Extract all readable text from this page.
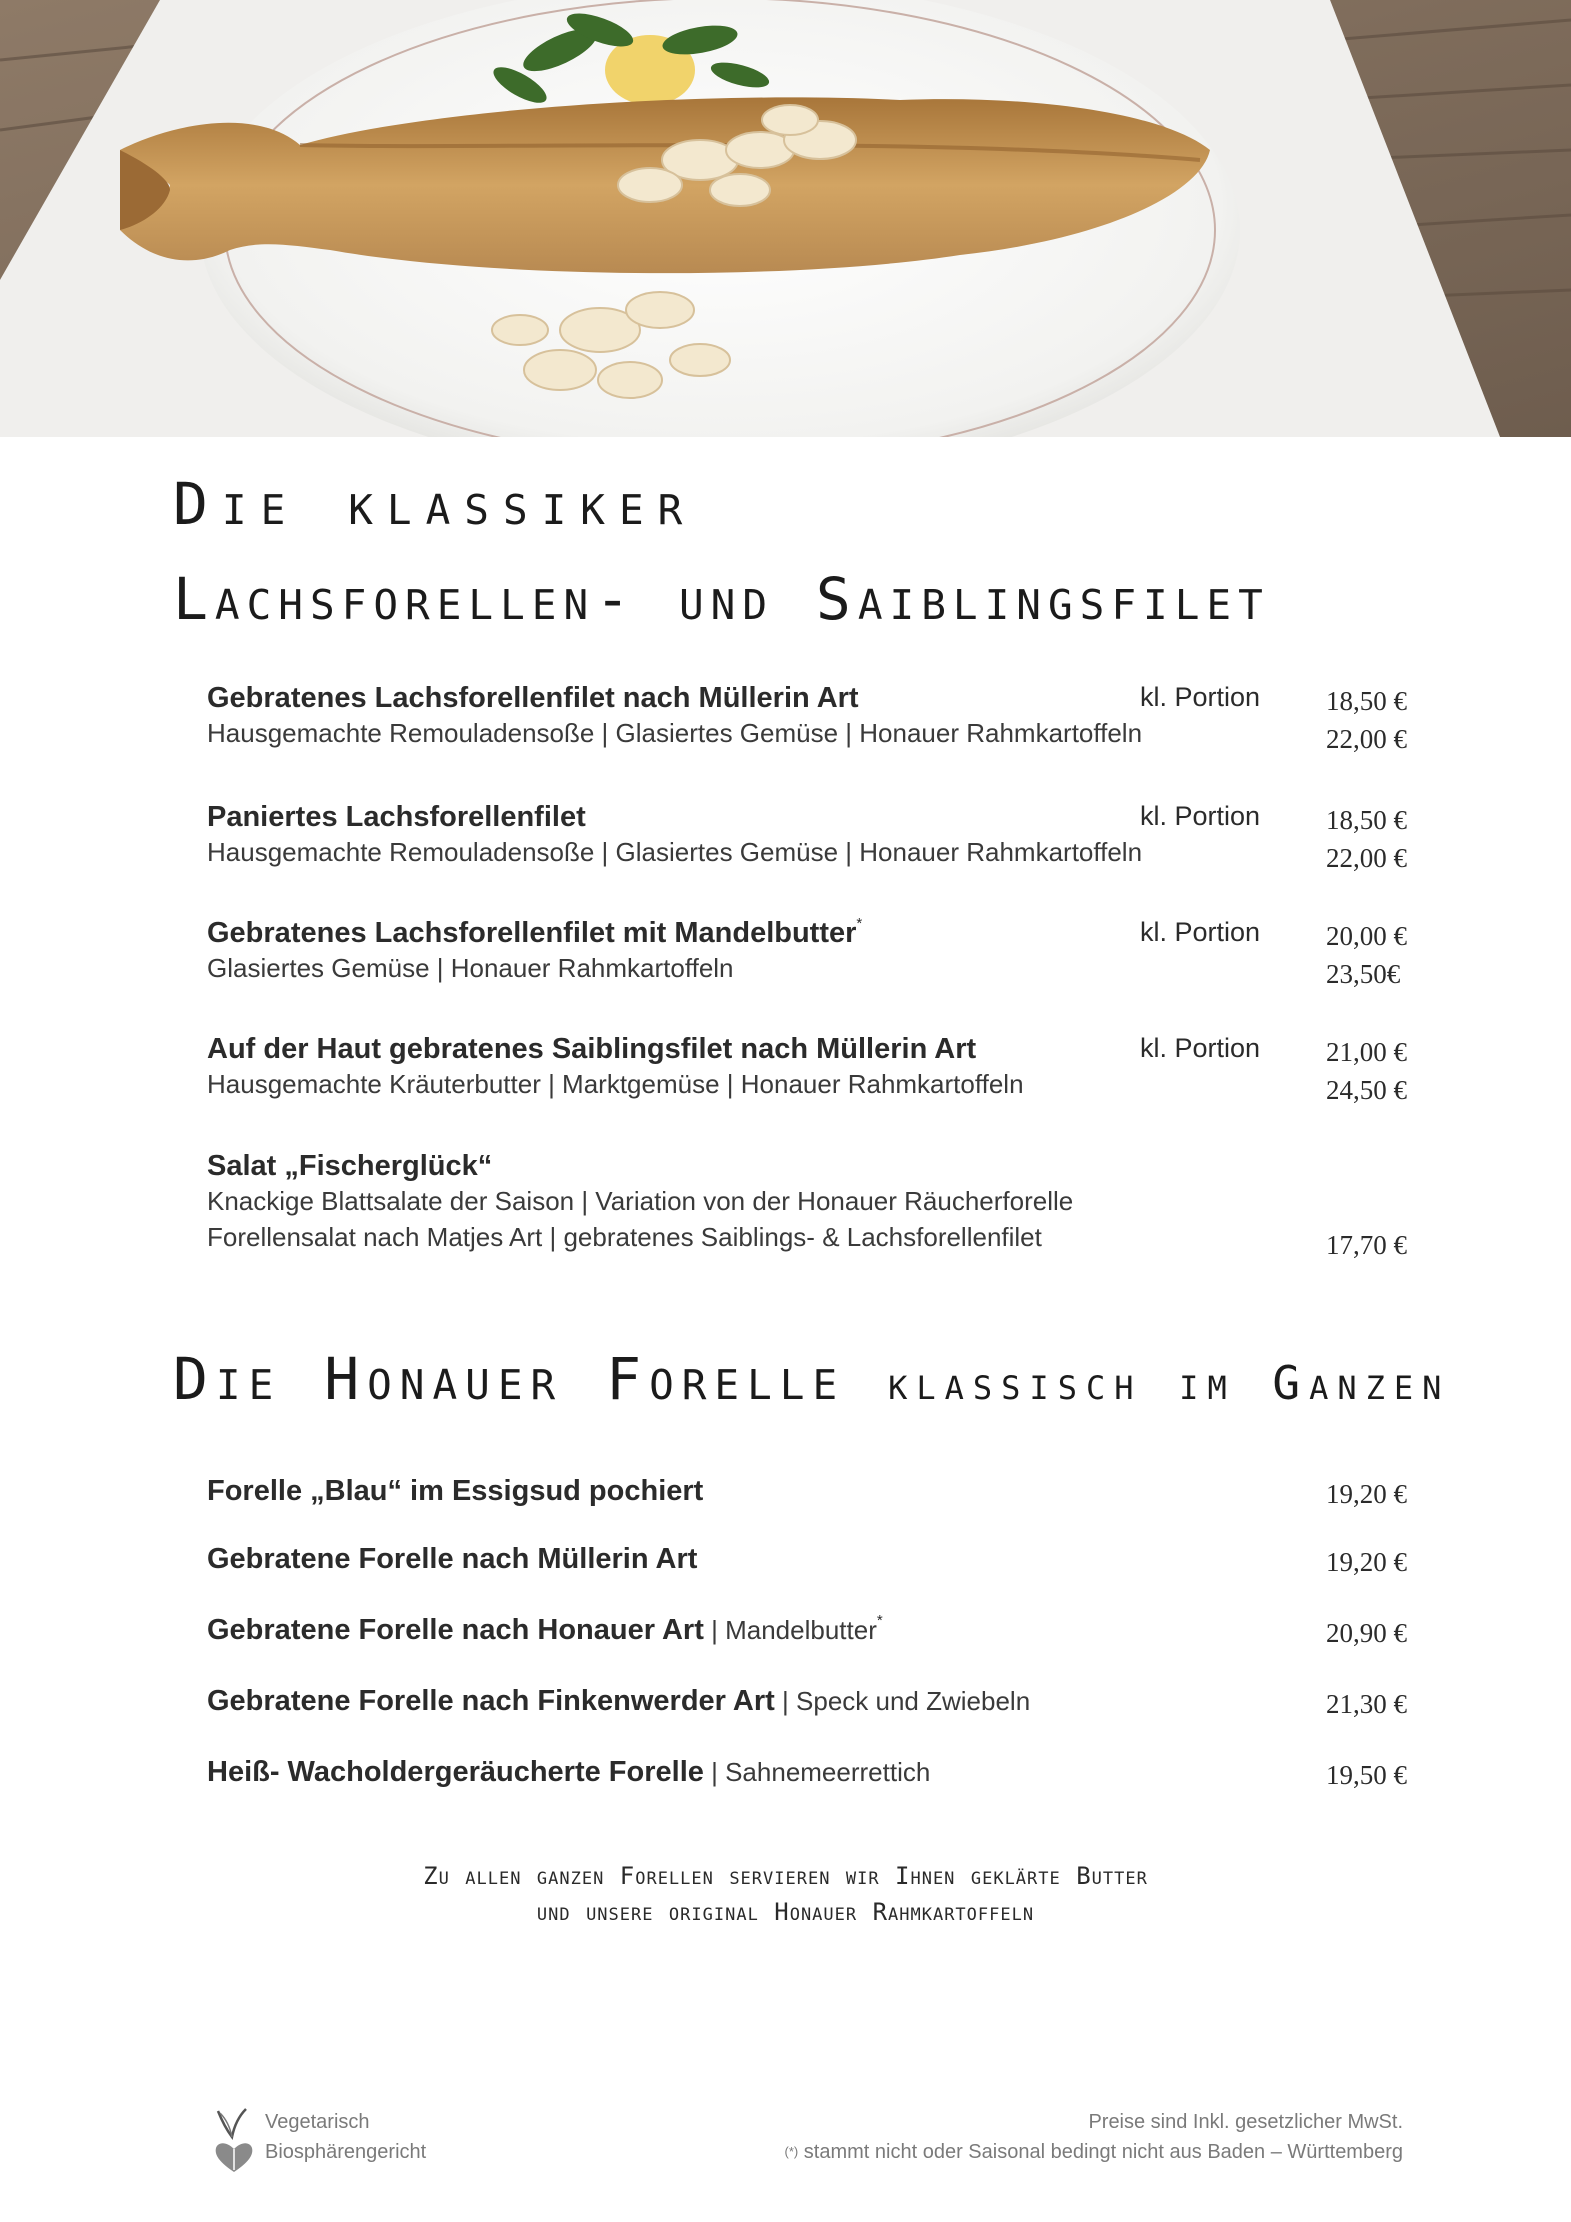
Die klassiker
Lachsforellen- und Saiblingsfilet
Gebratenes Lachsforellenfilet nach Müllerin Art
Hausgemachte Remouladensoße | Glasiertes Gemüse | Honauer Rahmkartoffeln
kl. Portion 18,50 €
22,00 €
Paniertes Lachsforellenfilet
Hausgemachte Remouladensoße | Glasiertes Gemüse | Honauer Rahmkartoffeln
kl. Portion 18,50 €
22,00 €
Gebratenes Lachsforellenfilet mit Mandelbutter*
Glasiertes Gemüse | Honauer Rahmkartoffeln
kl. Portion 20,00 €
23,50€
Auf der Haut gebratenes Saiblingsfilet nach Müllerin Art
Hausgemachte Kräuterbutter | Marktgemüse | Honauer Rahmkartoffeln
kl. Portion 21,00 €
24,50 €
Salat „Fischerglück“
Knackige Blattsalate der Saison | Variation von der Honauer Räucherforelle
Forellensalat nach Matjes Art | gebratenes Saiblings- & Lachsforellenfilet	17,70 €
Die Honauer Forelle klassisch im Ganzen
Forelle „Blau“ im Essigsud pochiert	19,20 €
Gebratene Forelle nach Müllerin Art	19,20 €
Gebratene Forelle nach Honauer Art | Mandelbutter*	20,90 €
Gebratene Forelle nach Finkenwerder Art | Speck und Zwiebeln	21,30 €
Heiß- Wacholdergeräucherte Forelle | Sahnemeerrettich	19,50 €
Zu allen ganzen Forellen servieren wir Ihnen geklärte Butter
und unsere original Honauer Rahmkartoffeln
Vegetarisch
Biosphärengericht
Preise sind Inkl. gesetzlicher MwSt.
(*) stammt nicht oder Saisonal bedingt nicht aus Baden – Württemberg
